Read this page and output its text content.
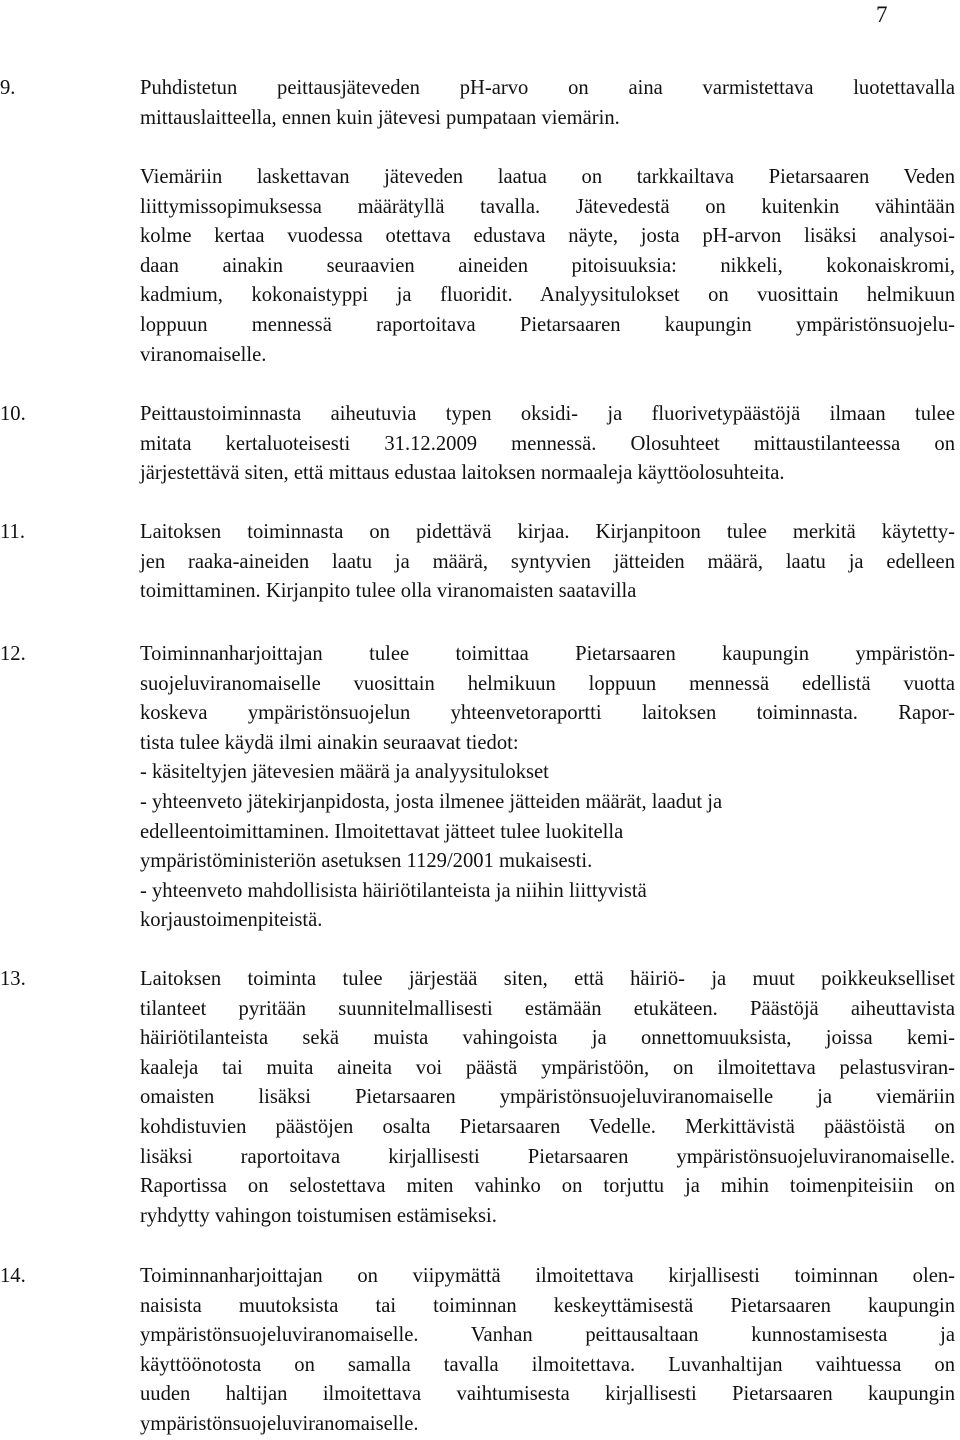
7
9.	Puhdistetun peittausjäteveden pH-arvo on aina varmistettava luotettavalla
mittauslaitteella, ennen kuin jätevesi pumpataan viemärin.
Viemäriin laskettavan jäteveden laatua on tarkkailtava Pietarsaaren Veden
liittymissopimuksessa määrätyllä tavalla. Jätevedestä on kuitenkin vähintään
kolme kertaa vuodessa otettava edustava näyte, josta pH-arvon lisäksi analysoi-
daan ainakin seuraavien aineiden pitoisuuksia: nikkeli, kokonaiskromi,
kadmium, kokonaistyppi ja fluoridit. Analyysitulokset on vuosittain helmikuun
loppuun mennessä raportoitava Pietarsaaren kaupungin ympäristönsuojelu-
viranomaiselle.
10.	Peittaustoiminnasta aiheutuvia typen oksidi- ja fluorivetypäästöjä ilmaan tulee
mitata kertaluoteisesti 31.12.2009 mennessä. Olosuhteet mittaustilanteessa on
järjestettävä siten, että mittaus edustaa laitoksen normaaleja käyttöolosuhteita.
11.	Laitoksen toiminnasta on pidettävä kirjaa. Kirjanpitoon tulee merkitä käytetty-
jen raaka-aineiden laatu ja määrä, syntyvien jätteiden määrä, laatu ja edelleen
toimittaminen. Kirjanpito tulee olla viranomaisten saatavilla
12.	Toiminnanharjoittajan tulee toimittaa Pietarsaaren kaupungin ympäristön-
suojeluviranomaiselle vuosittain helmikuun loppuun mennessä edellistä vuotta
koskeva ympäristönsuojelun yhteenvetoraportti laitoksen toiminnasta. Rapor-
tista tulee käydä ilmi ainakin seuraavat tiedot:
- käsiteltyjen jätevesien määrä ja analyysitulokset
- yhteenveto jätekirjanpidosta, josta ilmenee jätteiden määrät, laadut ja
edelleentoimittaminen. Ilmoitettavat jätteet tulee luokitella
ympäristöministeriön asetuksen 1129/2001 mukaisesti.
- yhteenveto mahdollisista häiriötilanteista ja niihin liittyvistä
korjaustoimenpiteistä.
13.	Laitoksen toiminta tulee järjestää siten, että häiriö- ja muut poikkeukselliset
tilanteet pyritään suunnitelmallisesti estämään etukäteen. Päästöjä aiheuttavista
häiriötilanteista sekä muista vahingoista ja onnettomuuksista, joissa kemi-
kaaleja tai muita aineita voi päästä ympäristöön, on ilmoitettava pelastusviran-
omaisten lisäksi Pietarsaaren ympäristönsuojeluviranomaiselle ja viemäriin
kohdistuvien päästöjen osalta Pietarsaaren Vedelle. Merkittävistä päästöistä on
lisäksi raportoitava kirjallisesti Pietarsaaren ympäristönsuojeluviranomaiselle.
Raportissa on selostettava miten vahinko on torjuttu ja mihin toimenpiteisiin on
ryhdytty vahingon toistumisen estämiseksi.
14.	Toiminnanharjoittajan on viipymättä ilmoitettava kirjallisesti toiminnan olen-
naisista muutoksista tai toiminnan keskeyttämisestä Pietarsaaren kaupungin
ympäristönsuojeluviranomaiselle. Vanhan peittausaltaan kunnostamisesta ja
käyttöönotosta on samalla tavalla ilmoitettava. Luvanhaltijan vaihtuessa on
uuden haltijan ilmoitettava vaihtumisesta kirjallisesti Pietarsaaren kaupungin
ympäristönsuojeluviranomaiselle.
